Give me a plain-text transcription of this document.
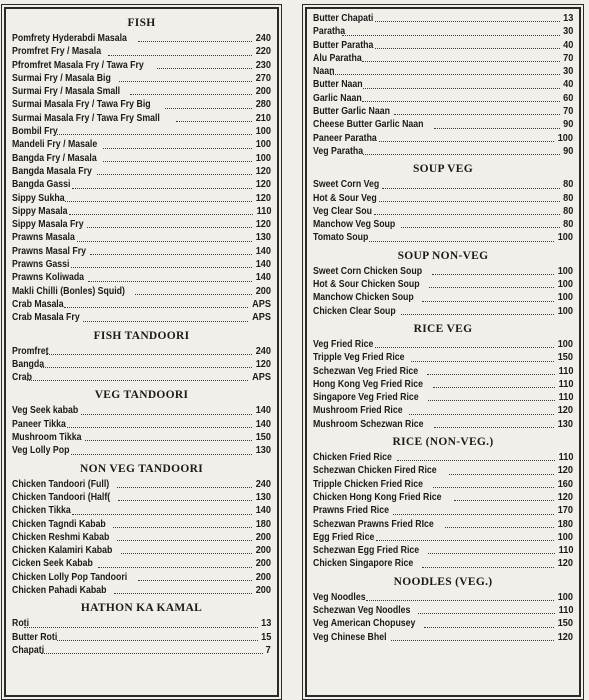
FISH
Pomfrety Hyderabdi Masala	240
Promfret Fry / Masala	220
Pfromfret Masala Fry / Tawa Fry	230
Surmai Fry / Masala Big	270
Surmai Fry / Masala Small	200
Surmai Masala Fry / Tawa Fry Big	280
Surmai Masala Fry / Tawa Fry Small	210
Bombil Fry	100
Mandeli Fry / Masale	100
Bangda Fry / Masala	100
Bangda Masala Fry	120
Bangda Gassi	120
Sippy Sukha	120
Sippy Masala	110
Sippy Masala Fry	120
Prawns Masala	130
Prawns Masal Fry	140
Prawns Gassi	140
Prawns Koliwada	140
Makli Chilli (Bonles) Squid)	200
Crab Masala	APS
Crab Masala Fry	APS
FISH TANDOORI
Promfret	240
Bangda	120
Crab	APS
VEG TANDOORI
Veg Seek kabab	140
Paneer Tikka	140
Mushroom Tikka	150
Veg Lolly Pop	130
NON VEG TANDOORI
Chicken Tandoori (Full)	240
Chicken Tandoori (Half(	130
Chicken Tikka	140
Chicken Tagndi Kabab	180
Chicken Reshmi Kabab	200
Chicken Kalamiri Kabab	200
Cicken Seek Kabab	200
Chicken Lolly Pop Tandoori	200
Chicken Pahadi Kabab	200
HATHON KA KAMAL
Roti	13
Butter Roti	15
Chapati	7
Butter Chapati	13
Paratha	30
Butter Paratha	40
Alu Paratha	70
Naan	30
Butter Naan	40
Garlic Naan	60
Butter Garlic Naan	70
Cheese Butter Garlic Naan	90
Paneer Paratha	100
Veg Paratha	90
SOUP VEG
Sweet Corn Veg	80
Hot & Sour Veg	80
Veg Clear Sou	80
Manchow Veg Soup	80
Tomato Soup	100
SOUP NON-VEG
Sweet Corn Chicken Soup	100
Hot & Sour Chicken Soup	100
Manchow Chicken Soup	100
Chicken Clear Soup	100
RICE VEG
Veg Fried Rice	100
Tripple Veg Fried Rice	150
Schezwan Veg Fried Rice	110
Hong Kong Veg Fried Rice	110
Singapore Veg Fried Rice	110
Mushroom Fried Rice	120
Mushroom Schezwan Rice	130
RICE (NON-VEG.)
Chicken Fried Rice	110
Schezwan Chicken Fired Rice	120
Tripple Chicken Fried Rice	160
Chicken Hong Kong Fried Rice	120
Prawns Fried Rice	170
Schezwan Prawns Fried RIce	180
Egg Fried Rice	100
Schezwan Egg Fried Rice	110
Chicken Singapore Rice	120
NOODLES (VEG.)
Veg Noodles	100
Schezwan Veg Noodles	110
Veg American Chopusey	150
Veg Chinese Bhel	120
